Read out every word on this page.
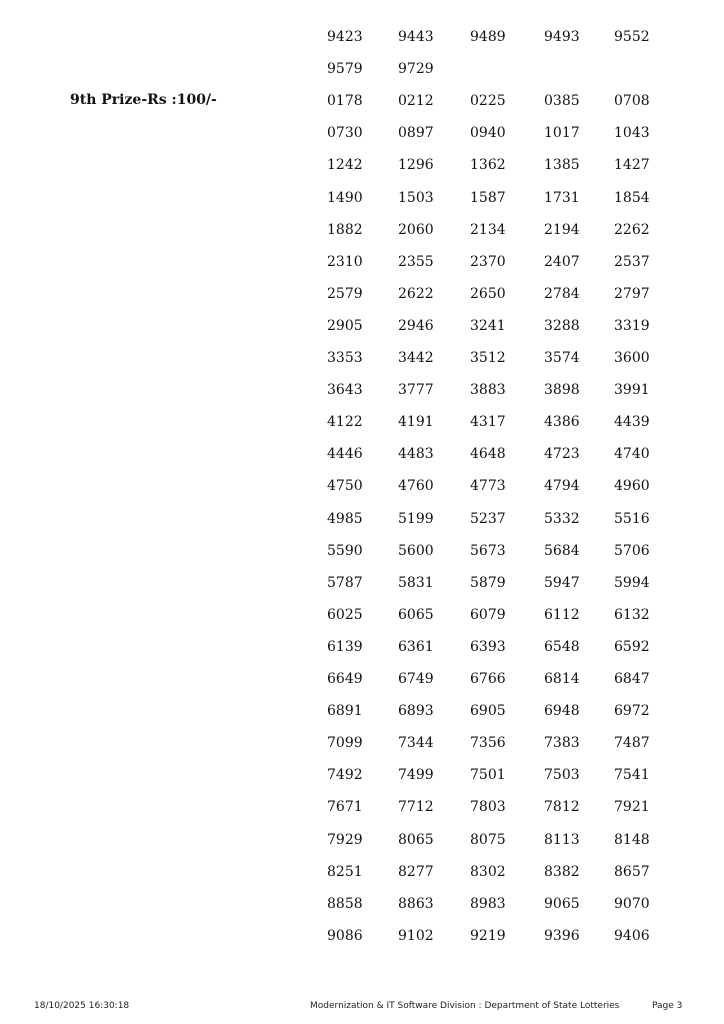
9423	9443	9489	9493 9552
9579	9729
9th Prize-Rs :100/-	0178	0212	0225	0385 0708
0730	0897	0940	1017 1043
1242	1296	1362	1385 1427
1490	1503	1587	1731 1854
1882	2060	2134	2194 2262
2310	2355	2370	2407 2537
2579	2622	2650	2784 2797
2905	2946	3241	3288 3319
3353	3442	3512	3574 3600
3643	3777	3883	3898 3991
4122	4191	4317	4386 4439
4446	4483	4648	4723 4740
4750	4760	4773	4794 4960
4985	5199	5237	5332 5516
5590	5600	5673	5684 5706
5787	5831	5879	5947 5994
6025	6065	6079	6112 6132
6139	6361	6393	6548 6592
6649	6749	6766	6814 6847
6891	6893	6905	6948 6972
7099	7344	7356	7383 7487
7492	7499	7501	7503 7541
7671	7712	7803	7812 7921
7929	8065	8075	8113 8148
8251	8277	8302	8382 8657
8858	8863	8983	9065 9070
9086	9102	9219	9396 9406
18/10/2025 16:30:18	Modernization & IT Software Division : Department of State Lotteries	Page 3
